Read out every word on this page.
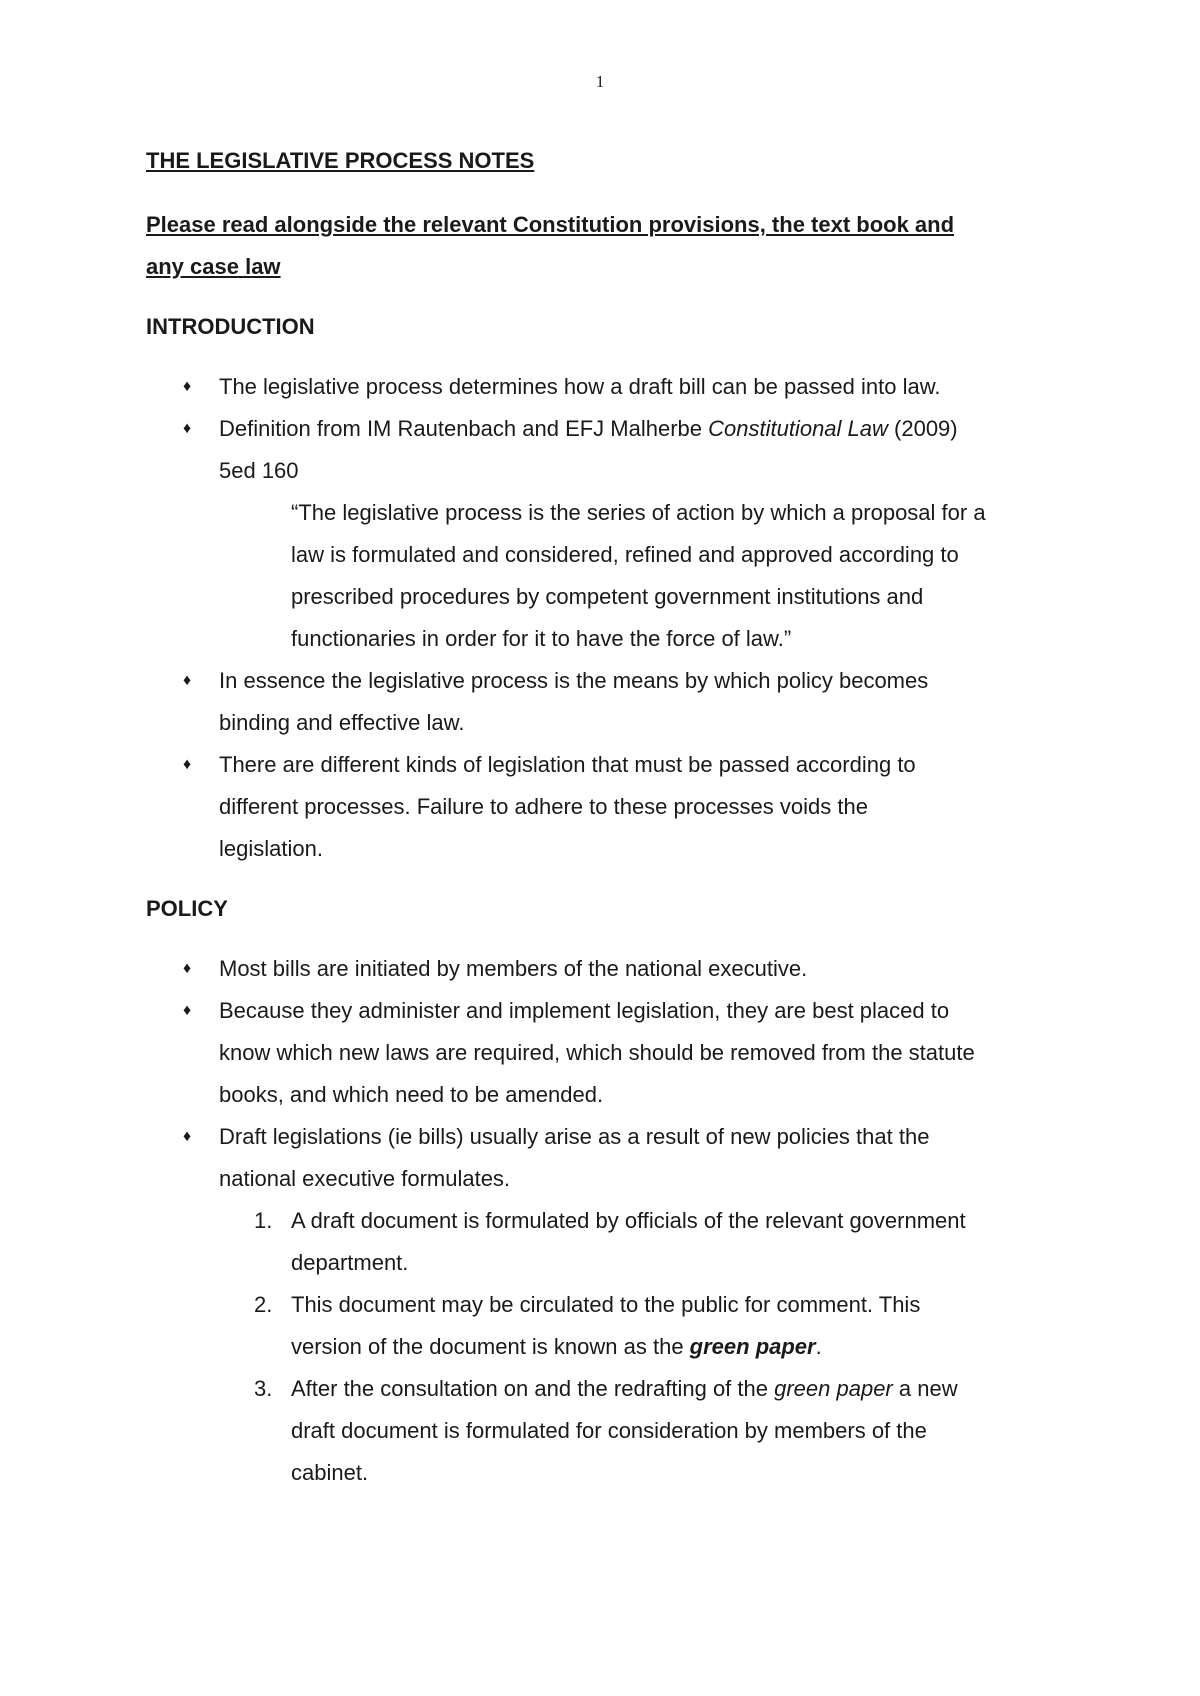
1
THE LEGISLATIVE PROCESS NOTES
Please read alongside the relevant Constitution provisions, the text book and
any case law
INTRODUCTION
♦ The legislative process determines how a draft bill can be passed into law.
♦ Definition from IM Rautenbach and EFJ Malherbe Constitutional Law (2009)
5ed 160
“The legislative process is the series of action by which a proposal for a
law is formulated and considered, refined and approved according to
prescribed procedures by competent government institutions and
functionaries in order for it to have the force of law.”
♦ In essence the legislative process is the means by which policy becomes
binding and effective law.
♦ There are different kinds of legislation that must be passed according to
different processes. Failure to adhere to these processes voids the
legislation.
POLICY
♦ Most bills are initiated by members of the national executive.
♦ Because they administer and implement legislation, they are best placed to
know which new laws are required, which should be removed from the statute
books, and which need to be amended.
♦ Draft legislations (ie bills) usually arise as a result of new policies that the
national executive formulates.
1. A draft document is formulated by officials of the relevant government
department.
2. This document may be circulated to the public for comment. This
version of the document is known as the green paper.
3. After the consultation on and the redrafting of the green paper a new
draft document is formulated for consideration by members of the
cabinet.
